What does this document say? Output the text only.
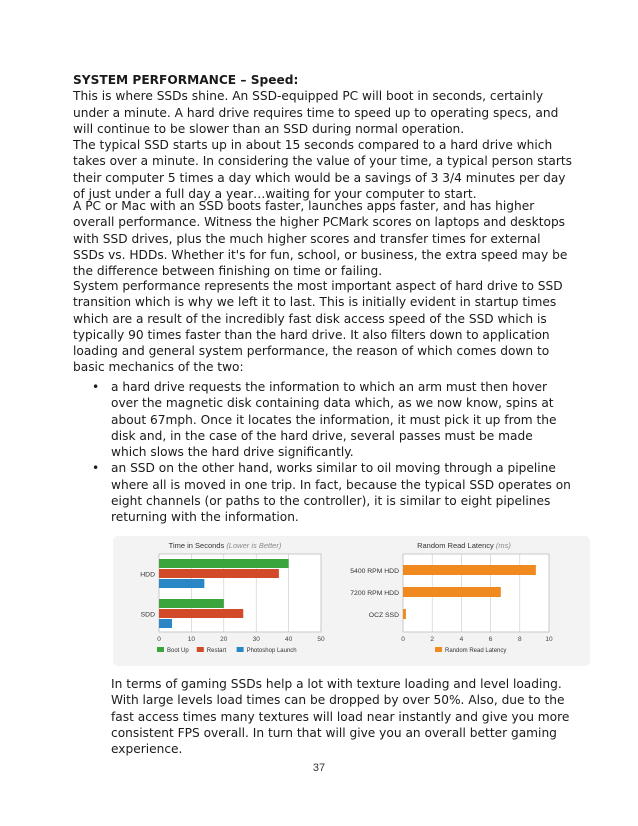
SYSTEM PERFORMANCE – Speed:

This is where SSDs shine. An SSD-equipped PC will boot in seconds, certainly under a minute. A hard drive requires time to speed up to operating specs, and will continue to be slower than an SSD during normal operation.

The typical SSD starts up in about 15 seconds compared to a hard drive which takes over a minute. In considering the value of your time, a typical person starts their computer 5 times a day which would be a savings of 3 3/4 minutes per day of just under a full day a year…waiting for your computer to start.

A PC or Mac with an SSD boots faster, launches apps faster, and has higher overall performance. Witness the higher PCMark scores on laptops and desktops with SSD drives, plus the much higher scores and transfer times for external SSDs vs. HDDs. Whether it's for fun, school, or business, the extra speed may be the difference between finishing on time or failing.

System performance represents the most important aspect of hard drive to SSD transition which is why we left it to last. This is initially evident in startup times which are a result of the incredibly fast disk access speed of the SSD which is typically 90 times faster than the hard drive. It also filters down to application loading and general system performance, the reason of which comes down to basic mechanics of the two:

• a hard drive requests the information to which an arm must then hover over the magnetic disk containing data which, as we now know, spins at about 67mph. Once it locates the information, it must pick it up from the disk and, in the case of the hard drive, several passes must be made which slows the hard drive significantly.
• an SSD on the other hand, works similar to oil moving through a pipeline where all is moved in one trip. In fact, because the typical SSD operates on eight channels (or paths to the controller), it is similar to eight pipelines returning with the information.
0	10	20	30	40	50
Time in Seconds (Lower is Better)
HDD
SDD
Boot Up	Restart	Photoshop Launch
0	2	4	6	8	10
Random Read Latency (ms)
5400 RPM HDD
7200 RPM HDD
OCZ SSD
Random Read Latency

In terms of gaming SSDs help a lot with texture loading and level loading. With large levels load times can be dropped by over 50%. Also, due to the fast access times many textures will load near instantly and give you more consistent FPS overall. In turn that will give you an overall better gaming experience.

37
